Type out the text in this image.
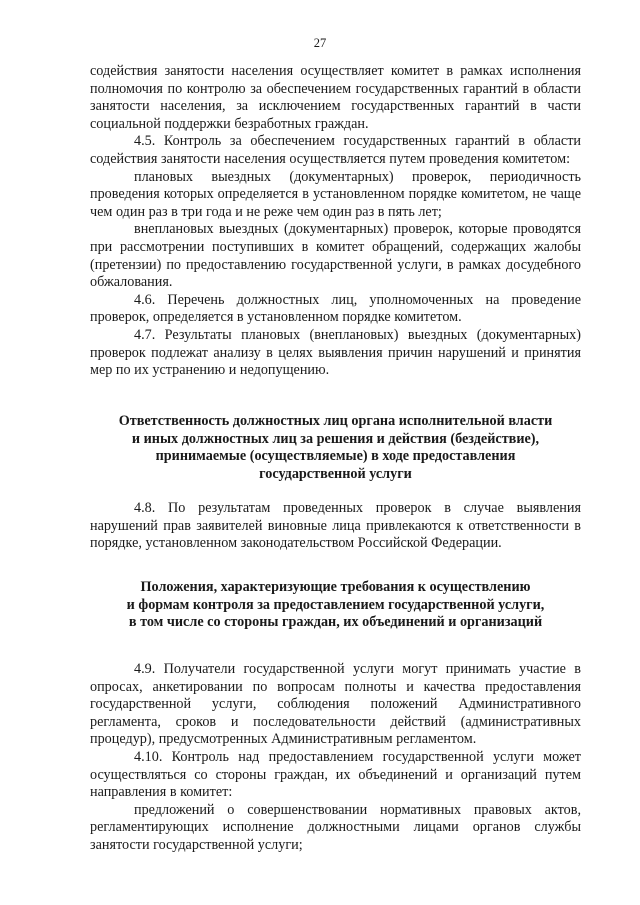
27

содействия занятости населения осуществляет комитет в рамках исполнения полномочия по контролю за обеспечением государственных гарантий в области занятости населения, за исключением государственных гарантий в части социальной поддержки безработных граждан.

4.5. Контроль за обеспечением государственных гарантий в области содействия занятости населения осуществляется путем проведения комитетом:

плановых выездных (документарных) проверок, периодичность проведения которых определяется в установленном порядке комитетом, не чаще чем один раз в три года и не реже чем один раз в пять лет;

внеплановых выездных (документарных) проверок, которые проводятся при рассмотрении поступивших в комитет обращений, содержащих жалобы (претензии) по предоставлению государственной услуги, в рамках досудебного обжалования.

4.6. Перечень должностных лиц, уполномоченных на проведение проверок, определяется в установленном порядке комитетом.

4.7. Результаты плановых (внеплановых) выездных (документарных) проверок подлежат анализу в целях выявления причин нарушений и принятия мер по их устранению и недопущению.

Ответственность должностных лиц органа исполнительной власти
и иных должностных лиц за решения и действия (бездействие),
принимаемые (осуществляемые) в ходе предоставления
государственной услуги

4.8. По результатам проведенных проверок в случае выявления нарушений прав заявителей виновные лица привлекаются к ответственности в порядке, установленном законодательством Российской Федерации.

Положения, характеризующие требования к осуществлению
и формам контроля за предоставлением государственной услуги,
в том числе со стороны граждан, их объединений и организаций

4.9. Получатели государственной услуги могут принимать участие в опросах, анкетировании по вопросам полноты и качества предоставления государственной услуги, соблюдения положений Административного регламента, сроков и последовательности действий (административных процедур), предусмотренных Административным регламентом.

4.10. Контроль над предоставлением государственной услуги может осуществляться со стороны граждан, их объединений и организаций путем направления в комитет:

предложений о совершенствовании нормативных правовых актов, регламентирующих исполнение должностными лицами органов службы занятости государственной услуги;
